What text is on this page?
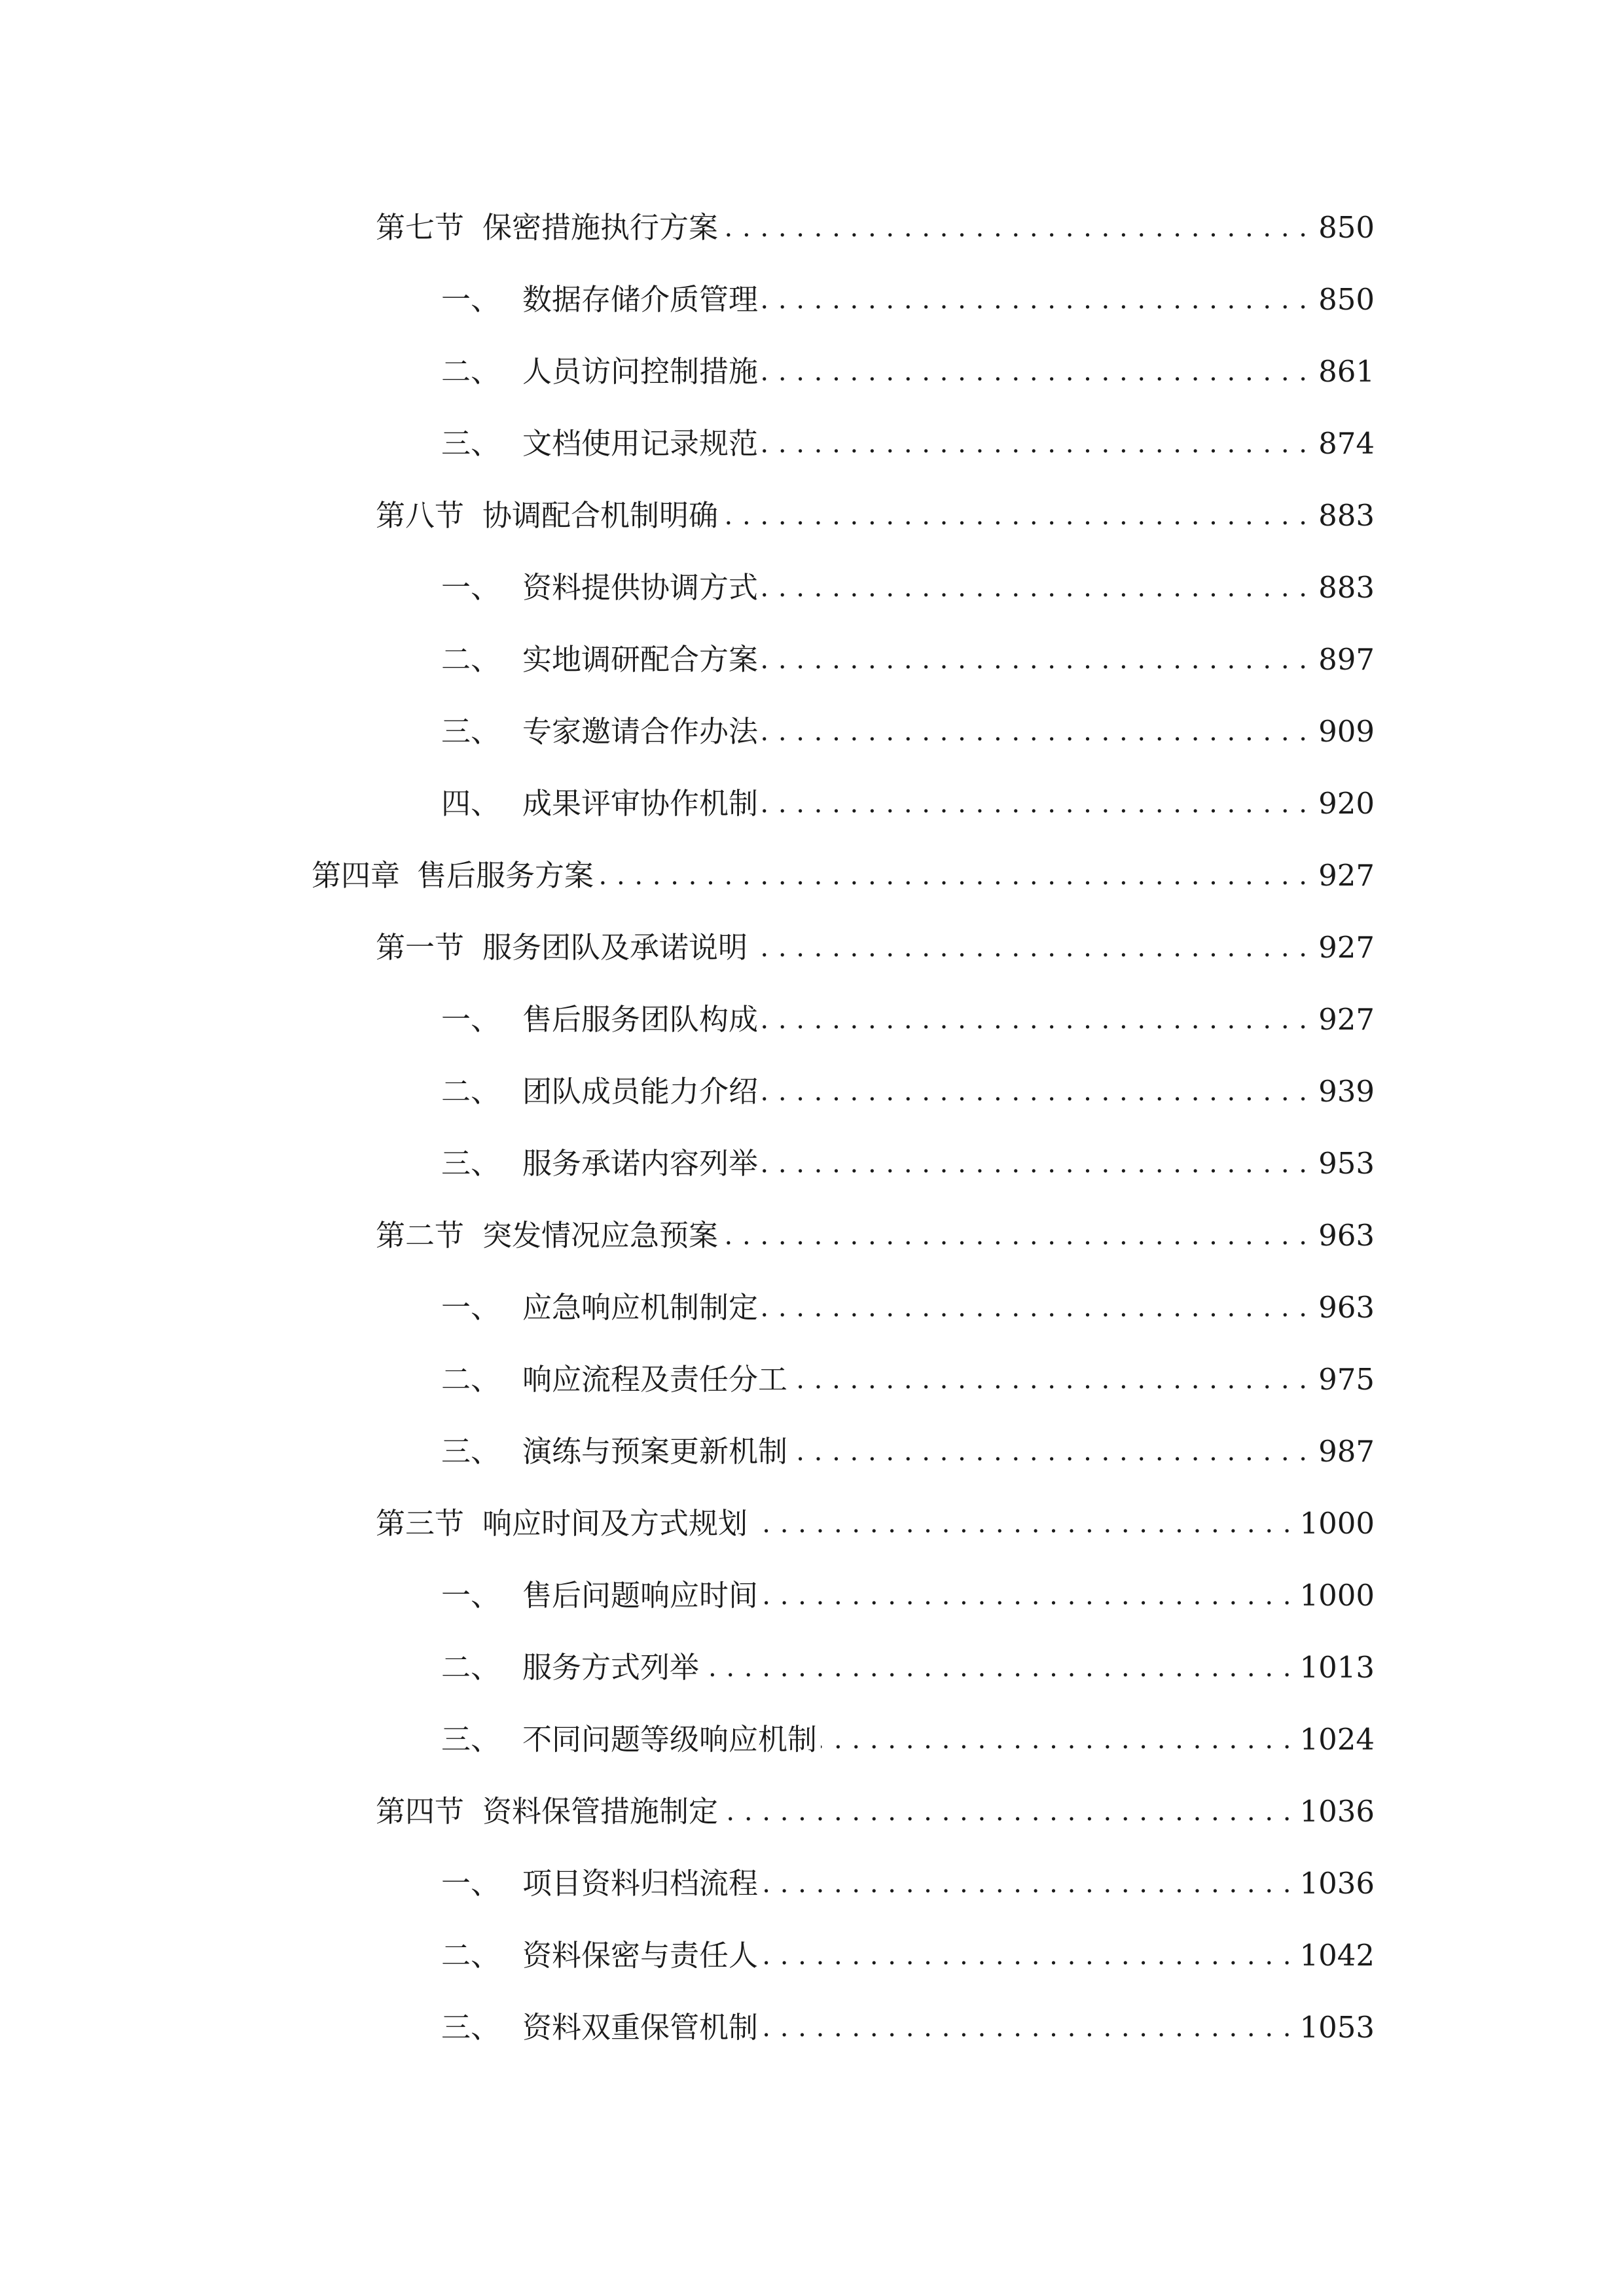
第七节 保密措施执行方案 . . .	850
一、 数据存储介质管理 . . .	850
二、 人员访问控制措施 . . .	861
三、 文档使用记录规范 . . .	874
第八节 协调配合机制明确 . . .	883
一、 资料提供协调方式 . . .	883
二、 实地调研配合方案 . . .	897
三、 专家邀请合作办法 . . .	909
四、 成果评审协作机制 . . .	920
第四章 售后服务方案 . . .	927
第一节 服务团队及承诺说明 . . .	927
一、 售后服务团队构成 . . .	927
二、 团队成员能力介绍 . . .	939
三、 服务承诺内容列举 . . .	953
第二节 突发情况应急预案 . . .	963
一、 应急响应机制制定 . . .	963
二、 响应流程及责任分工 . . .	975
三、 演练与预案更新机制 . . .	987
第三节 响应时间及方式规划 . . .	1000
一、 售后问题响应时间 . . .	1000
二、 服务方式列举 . . .	1013
三、 不同问题等级响应机制 . . .	1024
第四节 资料保管措施制定 . . .	1036
一、 项目资料归档流程 . . .	1036
二、 资料保密与责任人 . . .	1042
三、 资料双重保管机制 . . .	1053
